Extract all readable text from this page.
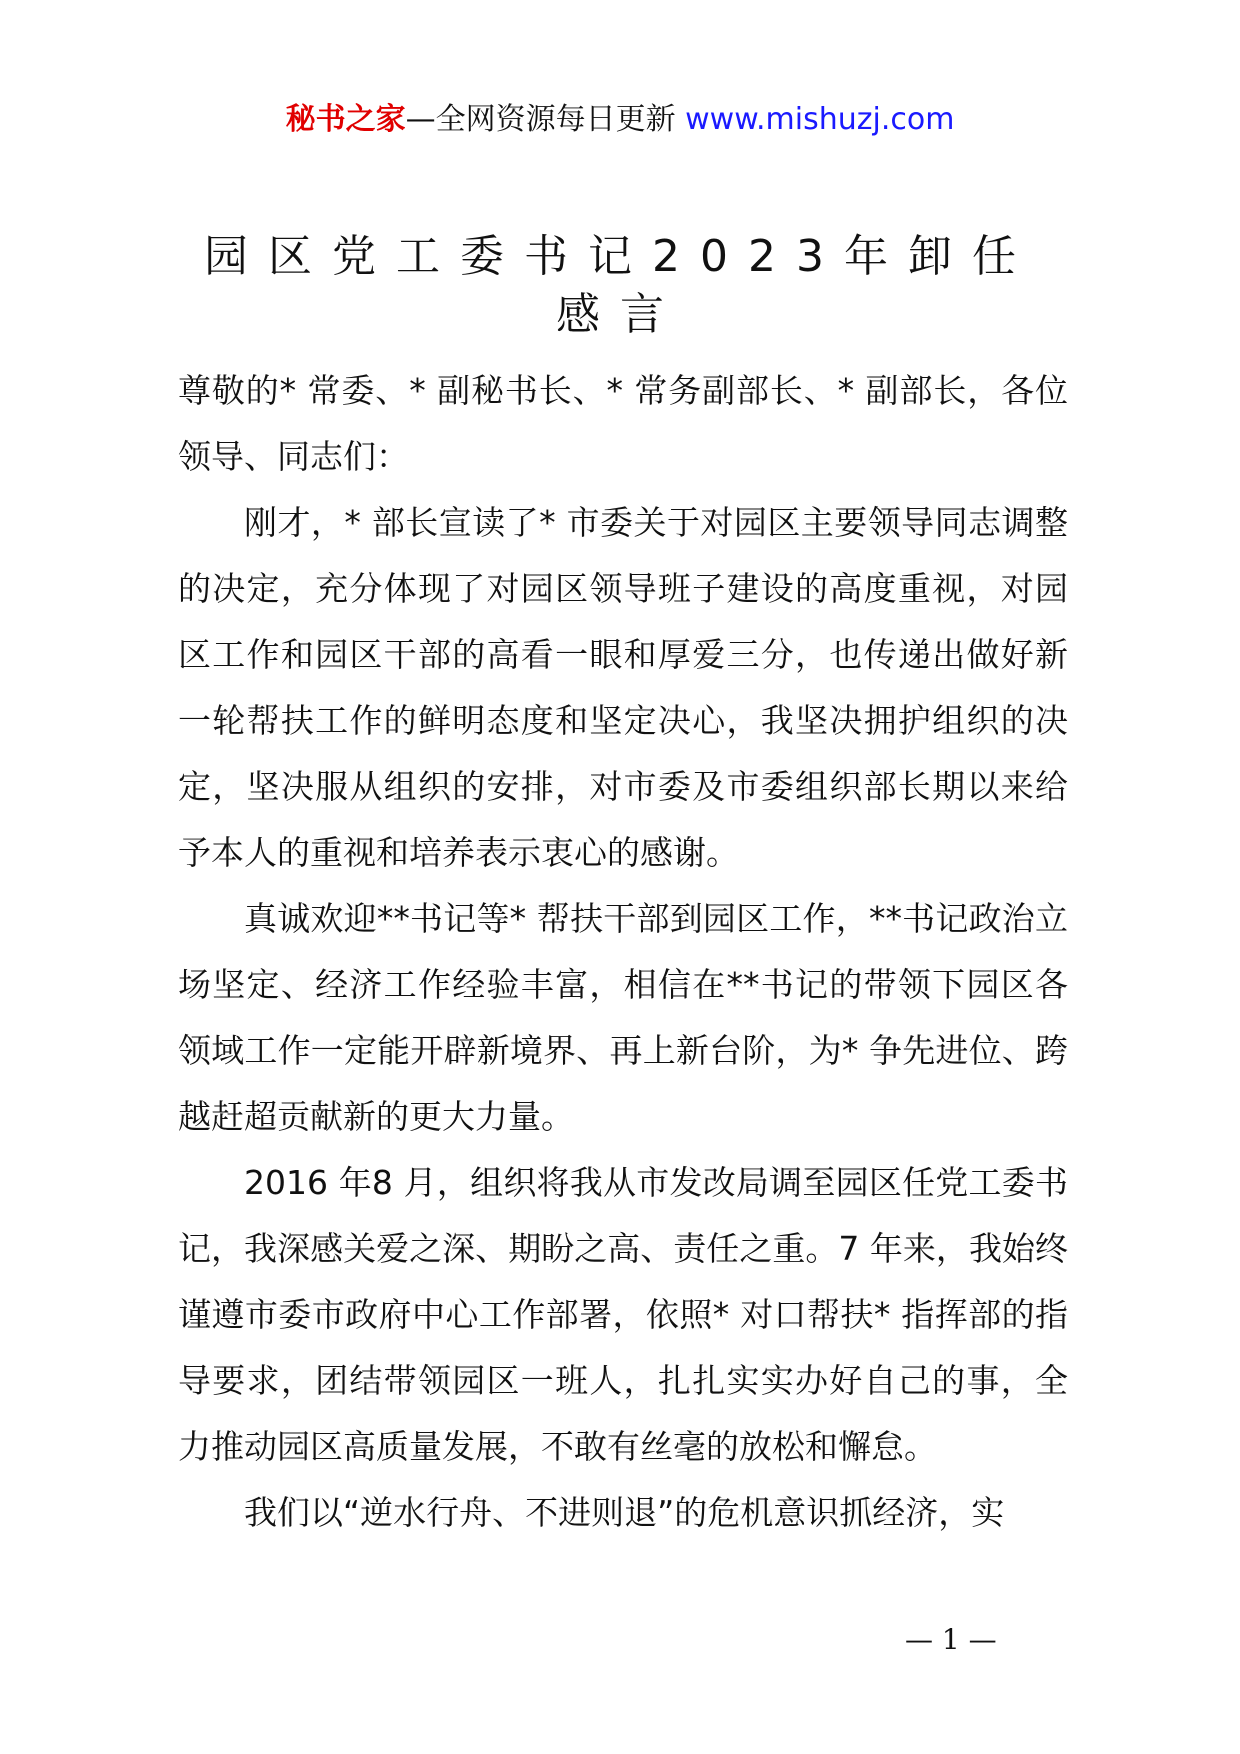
秘书之家—全网资源每日更新 www.mishuzj.com
园区党工委书记2023年卸任
感言

尊敬的* 常委、* 副秘书长、* 常务副部长、* 副部长，各位领导、同志们：

刚才，* 部长宣读了* 市委关于对园区主要领导同志调整的决定，充分体现了对园区领导班子建设的高度重视，对园区工作和园区干部的高看一眼和厚爱三分，也传递出做好新一轮帮扶工作的鲜明态度和坚定决心，我坚决拥护组织的决定，坚决服从组织的安排，对市委及市委组织部长期以来给予本人的重视和培养表示衷心的感谢。

真诚欢迎**书记等* 帮扶干部到园区工作，**书记政治立场坚定、经济工作经验丰富，相信在**书记的带领下园区各领域工作一定能开辟新境界、再上新台阶，为* 争先进位、跨越赶超贡献新的更大力量。

2016 年8 月，组织将我从市发改局调至园区任党工委书记，我深感关爱之深、期盼之高、责任之重。7 年来，我始终谨遵市委市政府中心工作部署，依照* 对口帮扶* 指挥部的指导要求，团结带领园区一班人，扎扎实实办好自己的事，全力推动园区高质量发展，不敢有丝毫的放松和懈怠。

我们以“逆水行舟、不进则退”的危机意识抓经济，实

— 1 —
